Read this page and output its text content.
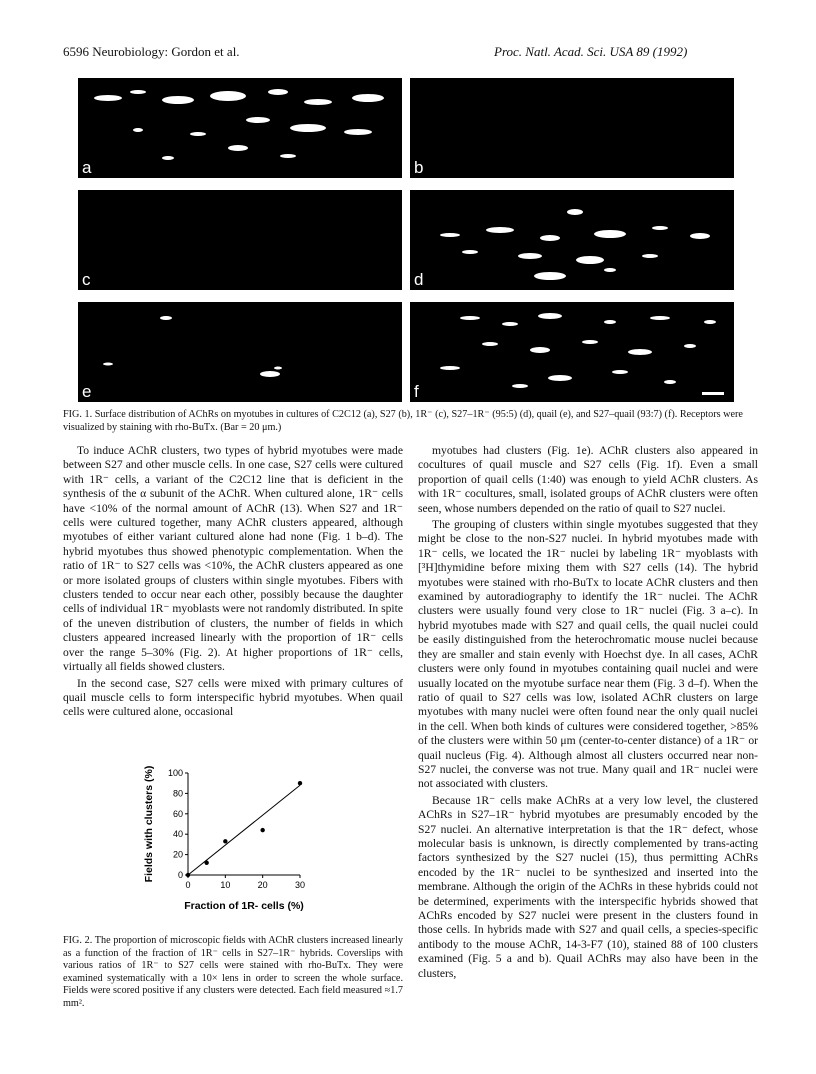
6596 Neurobiology: Gordon et al.	Proc. Natl. Acad. Sci. USA 89 (1992)
a	b
c	d
e	f
FIG. 1. Surface distribution of AChRs on myotubes in cultures of C2C12 (a), S27 (b), 1R⁻ (c), S27–1R⁻ (95:5) (d), quail (e), and S27–quail (93:7) (f). Receptors were visualized by staining with rho-BuTx. (Bar = 20 μm.)

To induce AChR clusters, two types of hybrid myotubes were made between S27 and other muscle cells. In one case, S27 cells were cultured with 1R⁻ cells, a variant of the C2C12 line that is deficient in the synthesis of the α subunit of the AChR. When cultured alone, 1R⁻ cells have <10% of the normal amount of AChR (13). When S27 and 1R⁻ cells were cultured together, many AChR clusters appeared, although myotubes of either variant cultured alone had none (Fig. 1 b–d). The hybrid myotubes thus showed phenotypic complementation. When the ratio of 1R⁻ to S27 cells was <10%, the AChR clusters appeared as one or more isolated groups of clusters within single myotubes. Fibers with clusters tended to occur near each other, possibly because the daughter cells of individual 1R⁻ myoblasts were not randomly distributed. In spite of the uneven distribution of clusters, the number of fields in which clusters appeared increased linearly with the proportion of 1R⁻ cells over the range 5–30% (Fig. 2). At higher proportions of 1R⁻ cells, virtually all fields showed clusters.

In the second case, S27 cells were mixed with primary cultures of quail muscle cells to form interspecific hybrid myotubes. When quail cells were cultured alone, occasional

0
20
40
60
80
100
0	10	20	30
Fraction of 1R- cells (%)
Fields with clusters (%)
FIG. 2. The proportion of microscopic fields with AChR clusters increased linearly as a function of the fraction of 1R⁻ cells in S27–1R⁻ hybrids. Coverslips with various ratios of 1R⁻ to S27 cells were stained with rho-BuTx. They were examined systematically with a 10× lens in order to screen the whole surface. Fields were scored positive if any clusters were detected. Each field measured ≈1.7 mm².

myotubes had clusters (Fig. 1e). AChR clusters also appeared in cocultures of quail muscle and S27 cells (Fig. 1f). Even a small proportion of quail cells (1:40) was enough to yield AChR clusters. As with 1R⁻ cocultures, small, isolated groups of AChR clusters were often seen, whose numbers depended on the ratio of quail to S27 nuclei.

The grouping of clusters within single myotubes suggested that they might be close to the non-S27 nuclei. In hybrid myotubes made with 1R⁻ cells, we located the 1R⁻ nuclei by labeling 1R⁻ myoblasts with [³H]thymidine before mixing them with S27 cells (14). The hybrid myotubes were stained with rho-BuTx to locate AChR clusters and then examined by autoradiography to identify the 1R⁻ nuclei. The AChR clusters were usually found very close to 1R⁻ nuclei (Fig. 3 a–c). In hybrid myotubes made with S27 and quail cells, the quail nuclei could be easily distinguished from the heterochromatic mouse nuclei because they are smaller and stain evenly with Hoechst dye. In all cases, AChR clusters were only found in myotubes containing quail nuclei and were usually located on the myotube surface near them (Fig. 3 d–f). When the ratio of quail to S27 cells was low, isolated AChR clusters on large myotubes with many nuclei were often found near the only quail nuclei in the cell. When both kinds of cultures were considered together, >85% of the clusters were within 50 μm (center-to-center distance) of a 1R⁻ or quail nucleus (Fig. 4). Although almost all clusters occurred near non-S27 nuclei, the converse was not true. Many quail and 1R⁻ nuclei were not associated with clusters.

Because 1R⁻ cells make AChRs at a very low level, the clustered AChRs in S27–1R⁻ hybrid myotubes are presumably encoded by the S27 nuclei. An alternative interpretation is that the 1R⁻ defect, whose molecular basis is unknown, is directly complemented by trans-acting factors synthesized by the S27 nuclei (15), thus permitting AChRs encoded by the 1R⁻ nuclei to be synthesized and inserted into the membrane. Although the origin of the AChRs in these hybrids could not be determined, experiments with the interspecific hybrids showed that AChRs encoded by S27 nuclei were present in the clusters found in those cells. In hybrids made with S27 and quail cells, a species-specific antibody to the mouse AChR, 14-3-F7 (10), stained 88 of 100 clusters examined (Fig. 5 a and b). Quail AChRs may also have been in the clusters,
